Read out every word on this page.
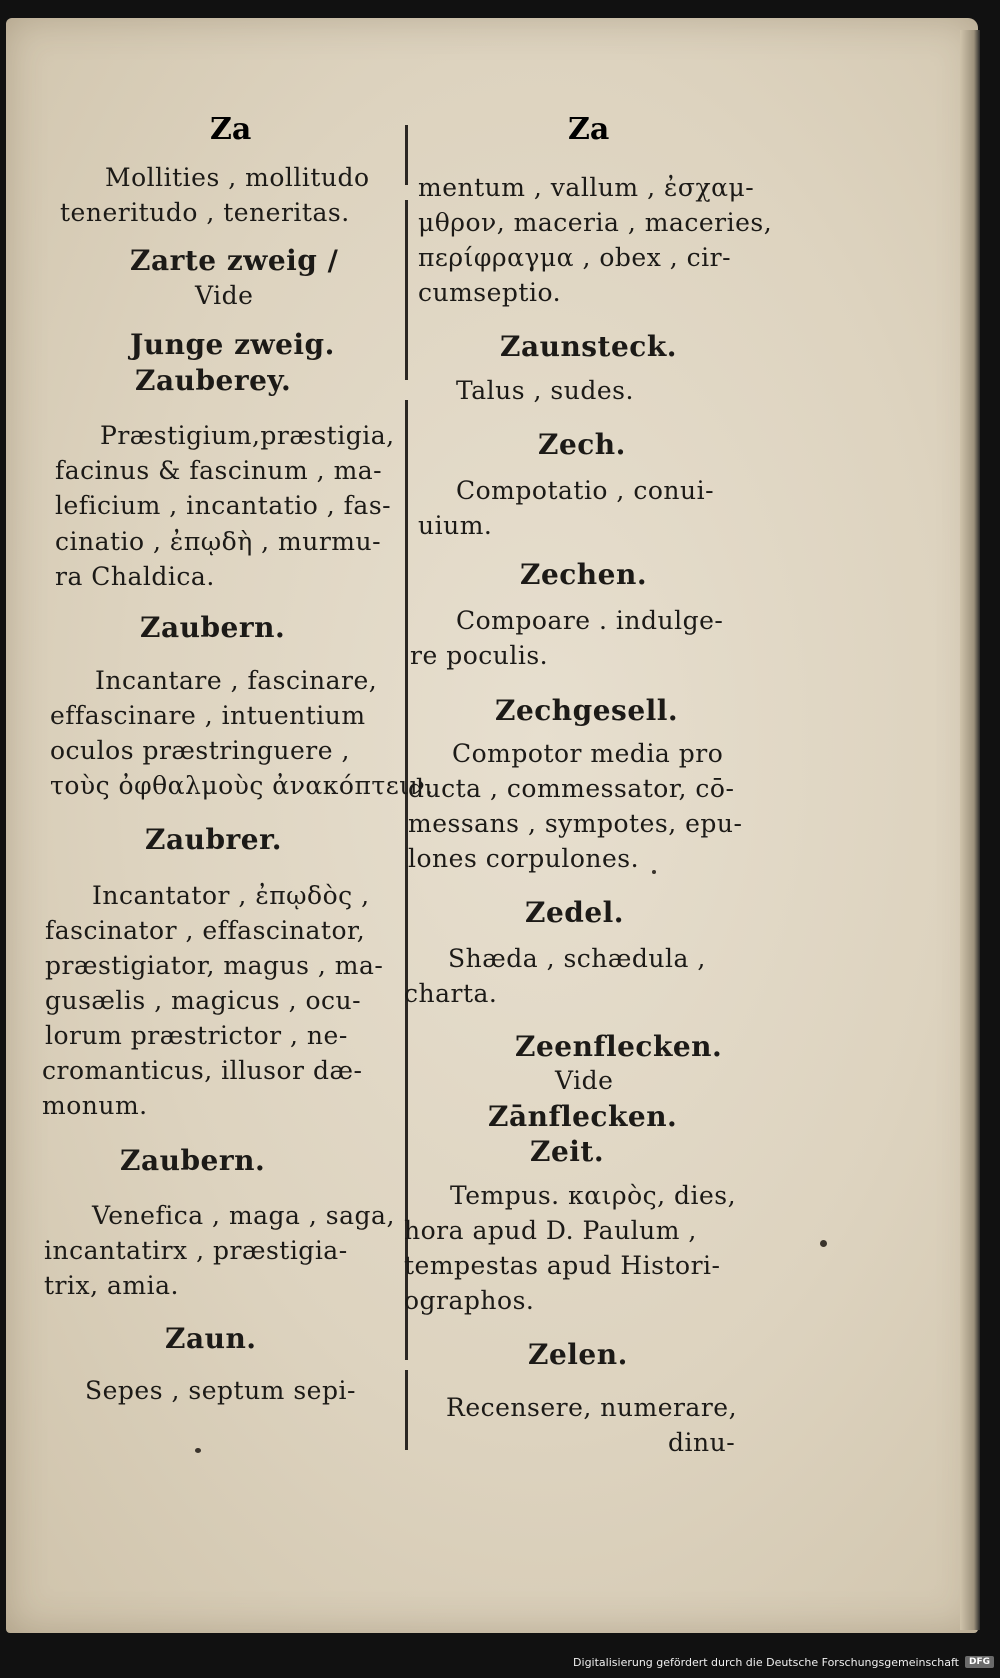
Za	Za
Mollities , mollitudo
teneritudo , teneritas.
Zarte zweig /
Vide
Junge zweig.
Zauberey.
Præstigium,præstigia,
facinus & fascinum , ma-
leficium , incantatio , fas-
cinatio , ἐπῳδὴ , murmu-
ra Chaldica.
Zaubern.
Incantare , fascinare,
effascinare , intuentium
oculos præstringuere ,
τοὺς ὀφθαλμοὺς ἀνακόπτειν.
Zaubrer.
Incantator , ἐπῳδὸς ,
fascinator , effascinator,
præstigiator, magus , ma-
gusælis , magicus , ocu-
lorum præstrictor , ne-
cromanticus, illusor dæ-
monum.
Zaubern.
Venefica , maga , saga,
incantatirx , præstigia-
trix, amia.
Zaun.
Sepes , septum sepi-
mentum , vallum , ἐσχαμ-
μθρον, maceria , maceries,
περίφραγμα , obex , cir-
cumseptio.
Zaunsteck.
Talus , sudes.
Zech.
Compotatio , conui-
uium.
Zechen.
Compoare . indulge-
re poculis.
Zechgesell.
Compotor media pro
ducta , commessator, cō-
messans , sympotes, epu-
lones corpulones.
Zedel.
Shæda , schædula ,
charta.
Zeenflecken.
Vide
Zānflecken.
Zeit.
Tempus. καιρὸς, dies,
hora apud D. Paulum ,
tempestas apud Histori-
ographos.
Zelen.
Recensere, numerare,
dinu-
Digitalisierung gefördert durch die Deutsche Forschungsgemeinschaft	DFG
